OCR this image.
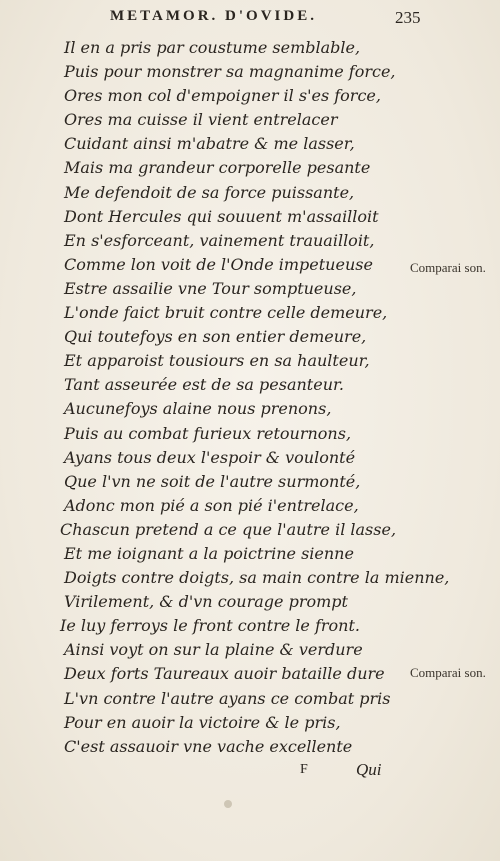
METAMOR. D'OVIDE.	235
Il en a pris par coustume semblable,
Puis pour monstrer sa magnanime force,
Ores mon col d'empoigner il s'es force,
Ores ma cuisse il vient entrelacer
Cuidant ainsi m'abatre & me lasser,
Mais ma grandeur corporelle pesante
Me defendoit de sa force puissante,
Dont Hercules qui souuent m'assailloit
En s'esforceant, vainement trauailloit,
Comme lon voit de l'Onde impetueuse
Estre assailie vne Tour somptueuse,
L'onde faict bruit contre celle demeure,
Qui toutefoys en son entier demeure,
Et apparoist tousiours en sa haulteur,
Tant asseurée est de sa pesanteur.
Aucunefoys alaine nous prenons,
Puis au combat furieux retournons,
Ayans tous deux l'espoir & voulonté
Que l'vn ne soit de l'autre surmonté,
Adonc mon pié a son pié i'entrelace,
Chascun pretend a ce que l'autre il lasse,
Et me ioignant a la poictrine sienne
Doigts contre doigts, sa main contre la mienne,
Virilement, & d'vn courage prompt
Ie luy ferroys le front contre le front.
Ainsi voyt on sur la plaine & verdure
Deux forts Taureaux auoir bataille dure
L'vn contre l'autre ayans ce combat pris
Pour en auoir la victoire & le pris,
C'est assauoir vne vache excellente
Comparai son.
Comparai son.
F	Qui
